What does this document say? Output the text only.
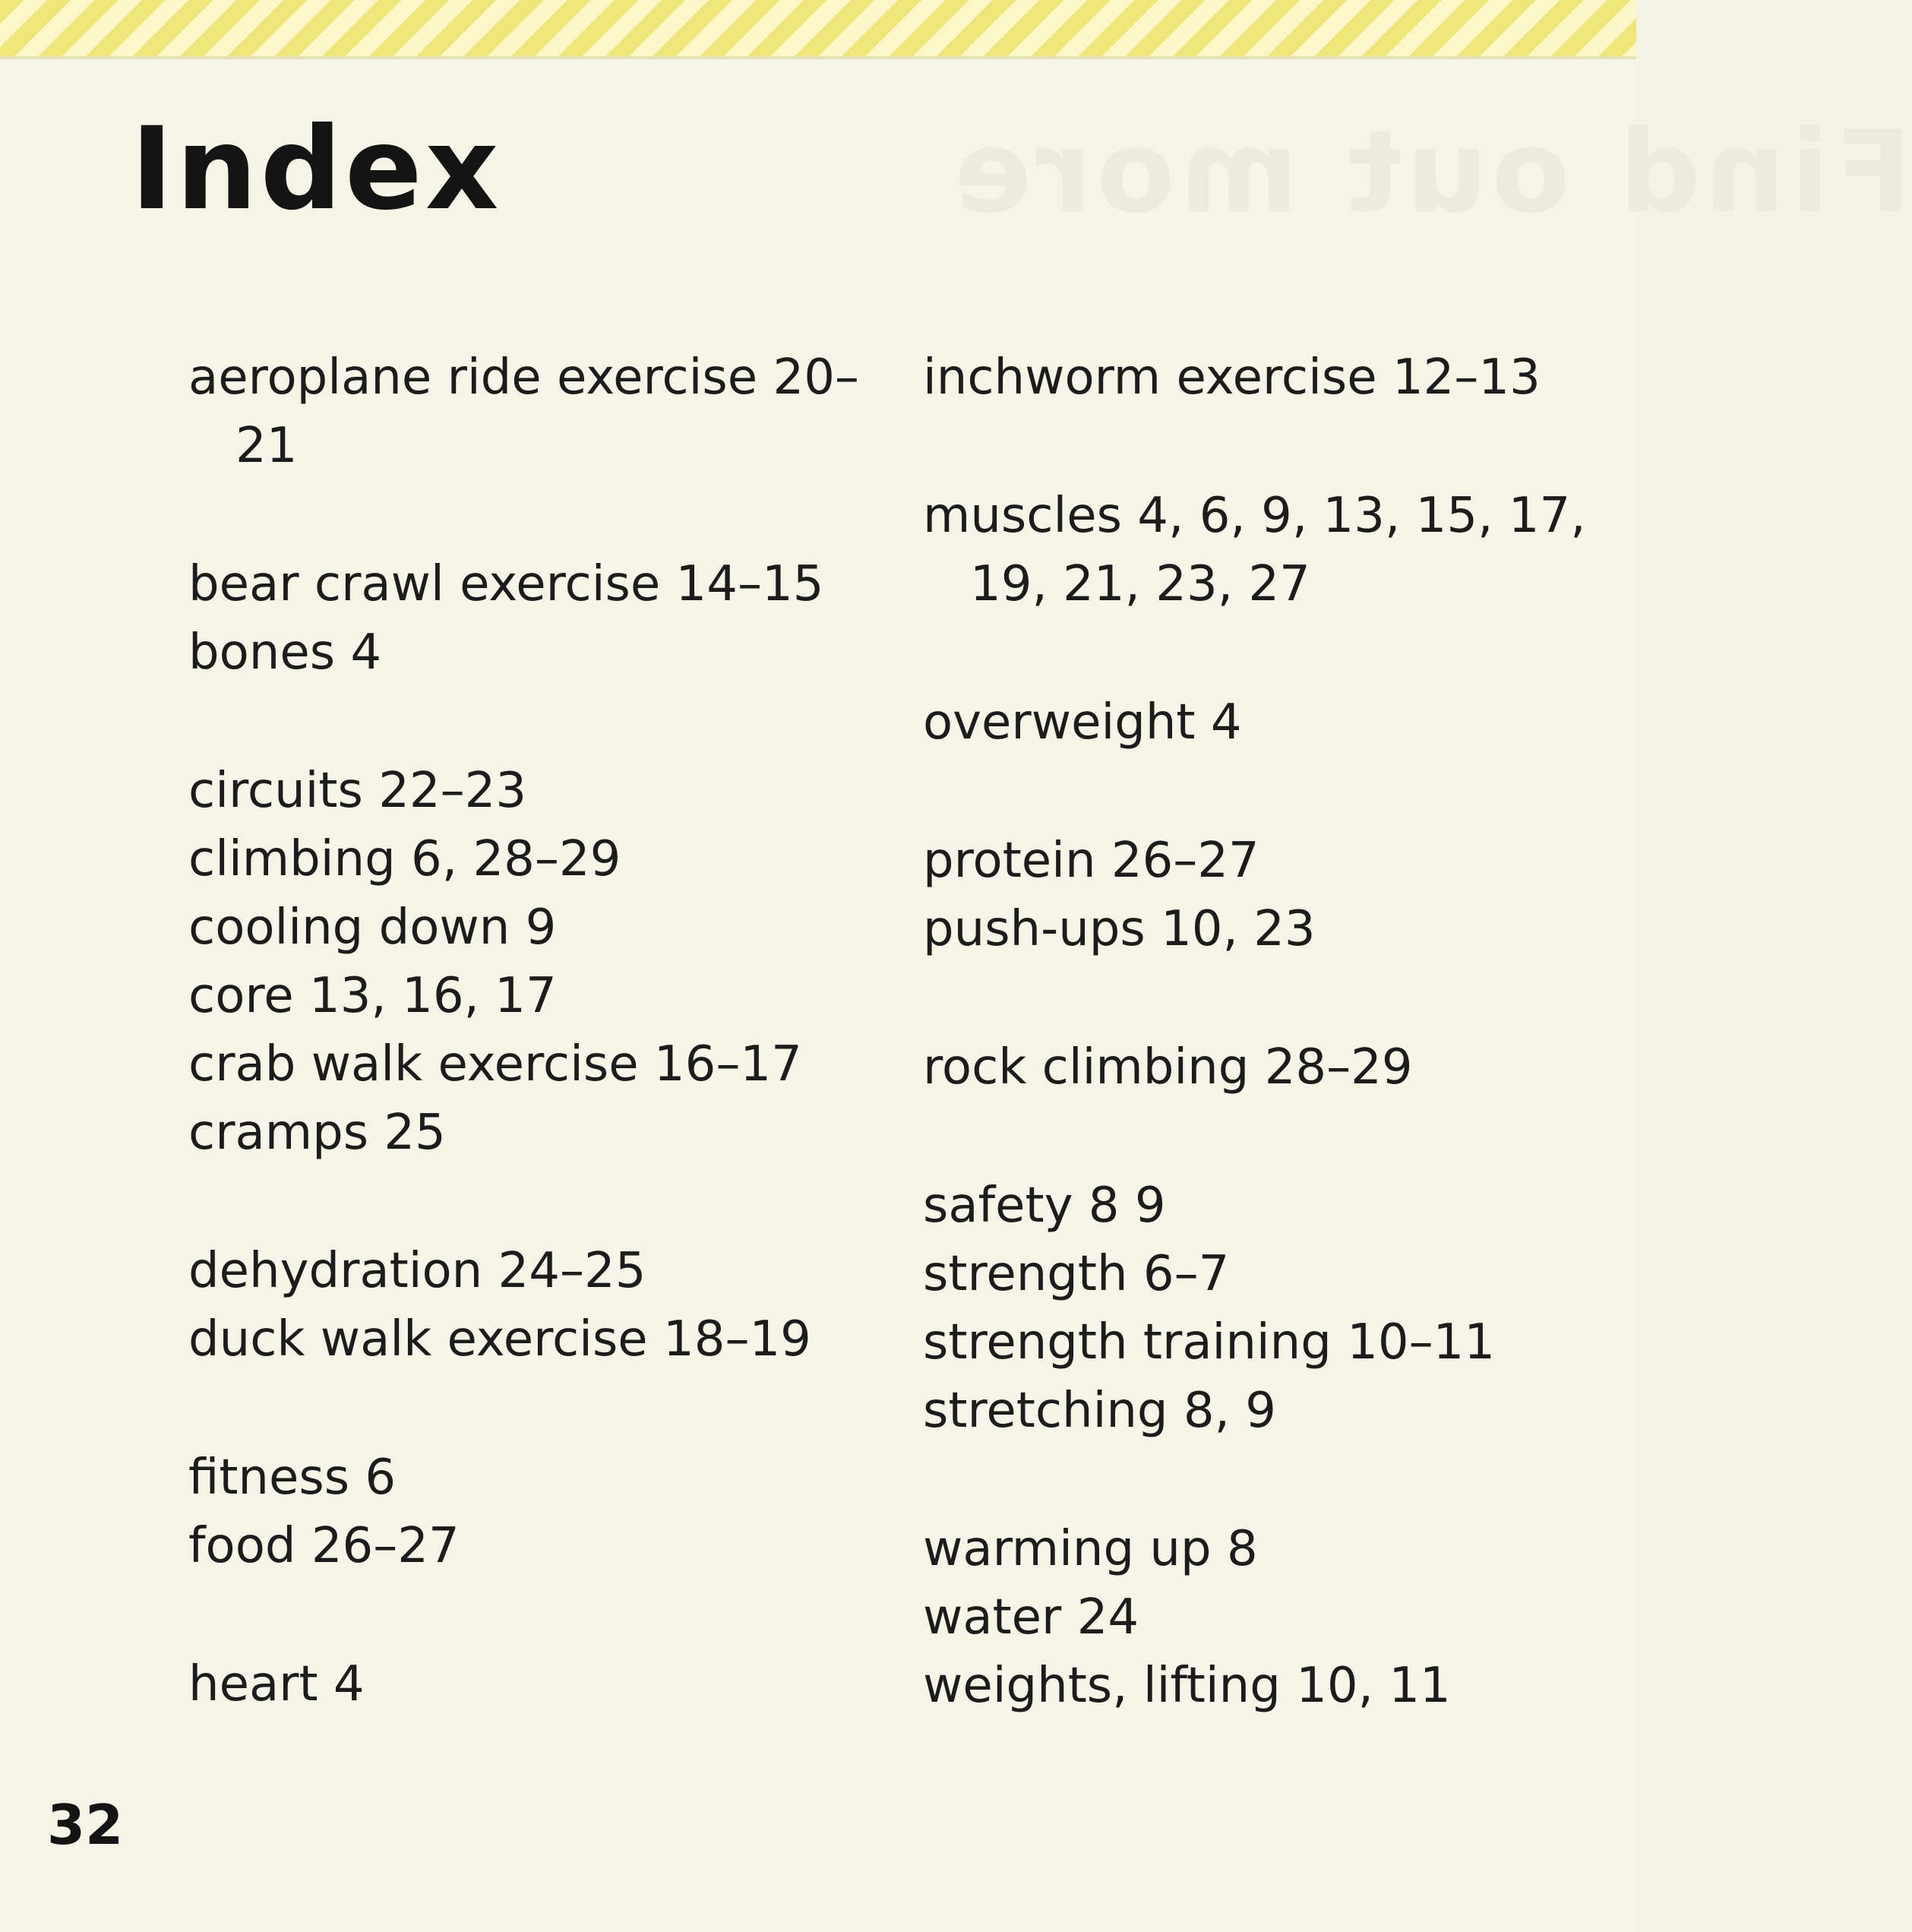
Find out more
Index
aeroplane ride exercise 20–21
bear crawl exercise 14–15
bones 4
circuits 22–23
climbing 6, 28–29
cooling down 9
core 13, 16, 17
crab walk exercise 16–17
cramps 25
dehydration 24–25
duck walk exercise 18–19
fitness 6
food 26–27
heart 4
inchworm exercise 12–13
muscles 4, 6, 9, 13, 15, 17, 19, 21, 23, 27
overweight 4
protein 26–27
push-ups 10, 23
rock climbing 28–29
safety 8 9
strength 6–7
strength training 10–11
stretching 8, 9
warming up 8
water 24
weights, lifting 10, 11
32
